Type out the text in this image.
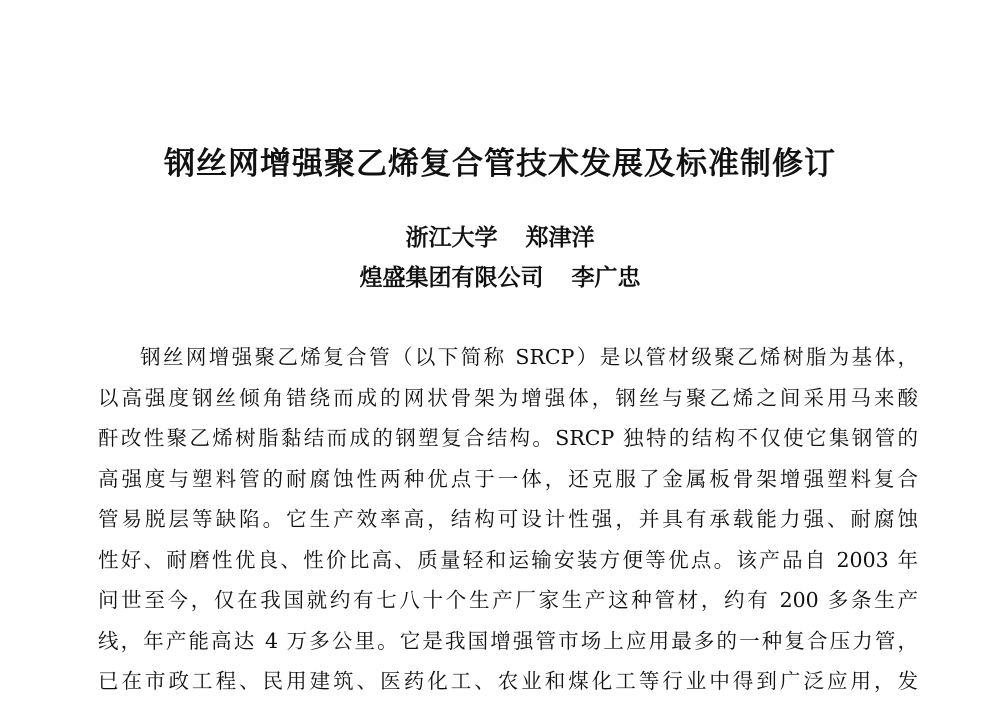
钢丝网增强聚乙烯复合管技术发展及标准制修订
浙江大学 郑津洋
煌盛集团有限公司 李广忠
钢丝网增强聚乙烯复合管（以下简称 SRCP）是以管材级聚乙烯树脂为基体，
以高强度钢丝倾角错绕而成的网状骨架为增强体，钢丝与聚乙烯之间采用马来酸
酐改性聚乙烯树脂黏结而成的钢塑复合结构。SRCP 独特的结构不仅使它集钢管的
高强度与塑料管的耐腐蚀性两种优点于一体，还克服了金属板骨架增强塑料复合
管易脱层等缺陷。它生产效率高，结构可设计性强，并具有承载能力强、耐腐蚀
性好、耐磨性优良、性价比高、质量轻和运输安装方便等优点。该产品自 2003 年
问世至今，仅在我国就约有七八十个生产厂家生产这种管材，约有 200 多条生产
线，年产能高达 4 万多公里。它是我国增强管市场上应用最多的一种复合压力管，
已在市政工程、民用建筑、医药化工、农业和煤化工等行业中得到广泛应用，发
